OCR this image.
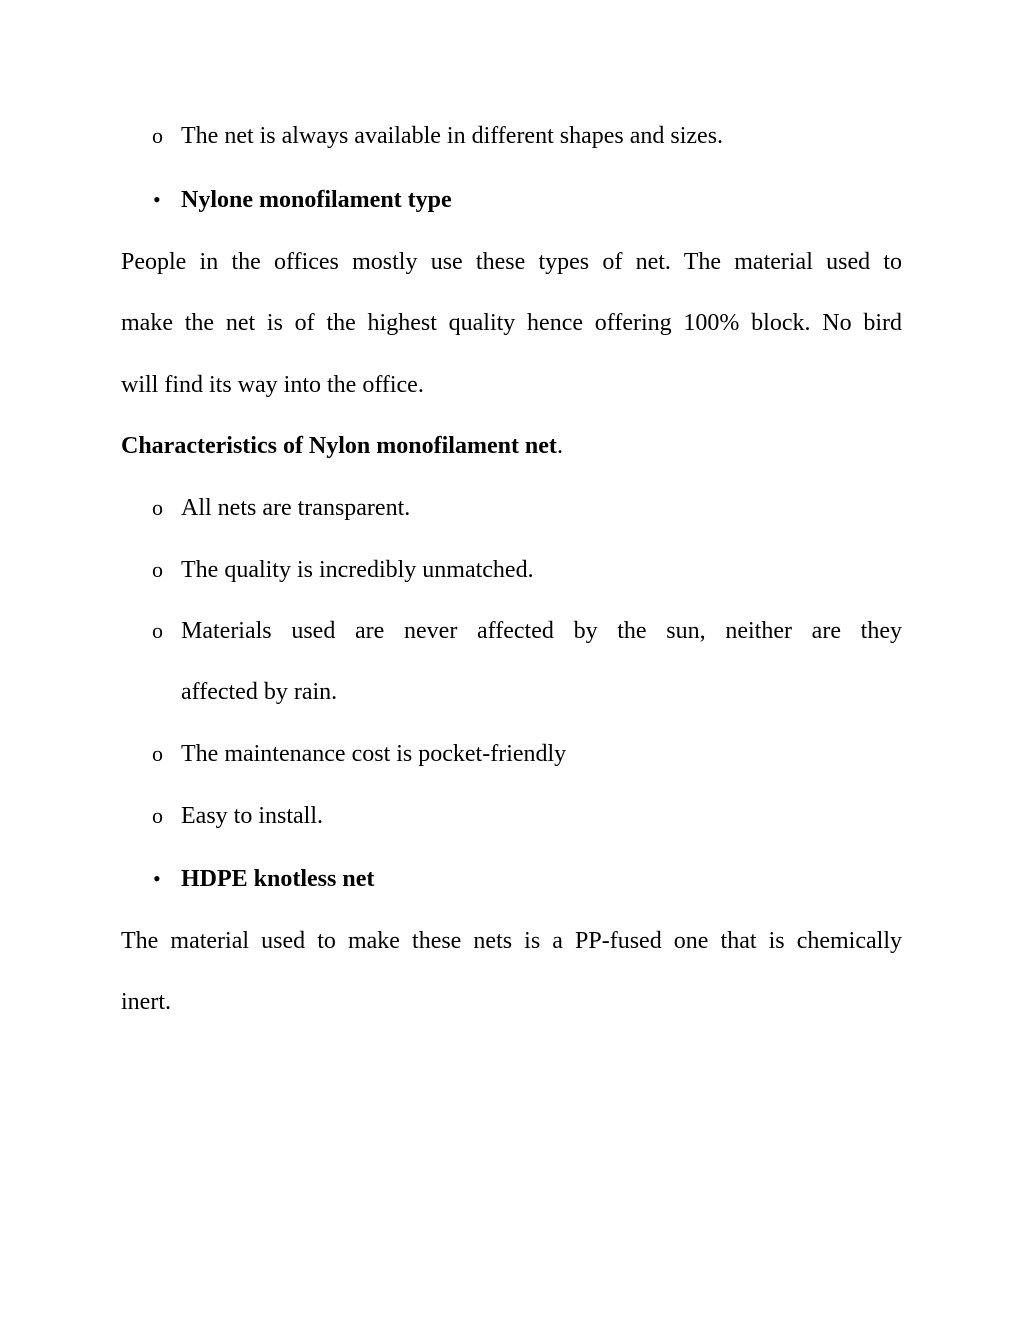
o The net is always available in different shapes and sizes.
• Nylone monofilament type
People in the offices mostly use these types of net. The material used to
make the net is of the highest quality hence offering 100% block. No bird
will find its way into the office.
Characteristics of Nylon monofilament net.
o All nets are transparent.
o The quality is incredibly unmatched.
o Materials used are never affected by the sun, neither are they
affected by rain.
o The maintenance cost is pocket-friendly
o Easy to install.
• HDPE knotless net
The material used to make these nets is a PP-fused one that is chemically
inert.
